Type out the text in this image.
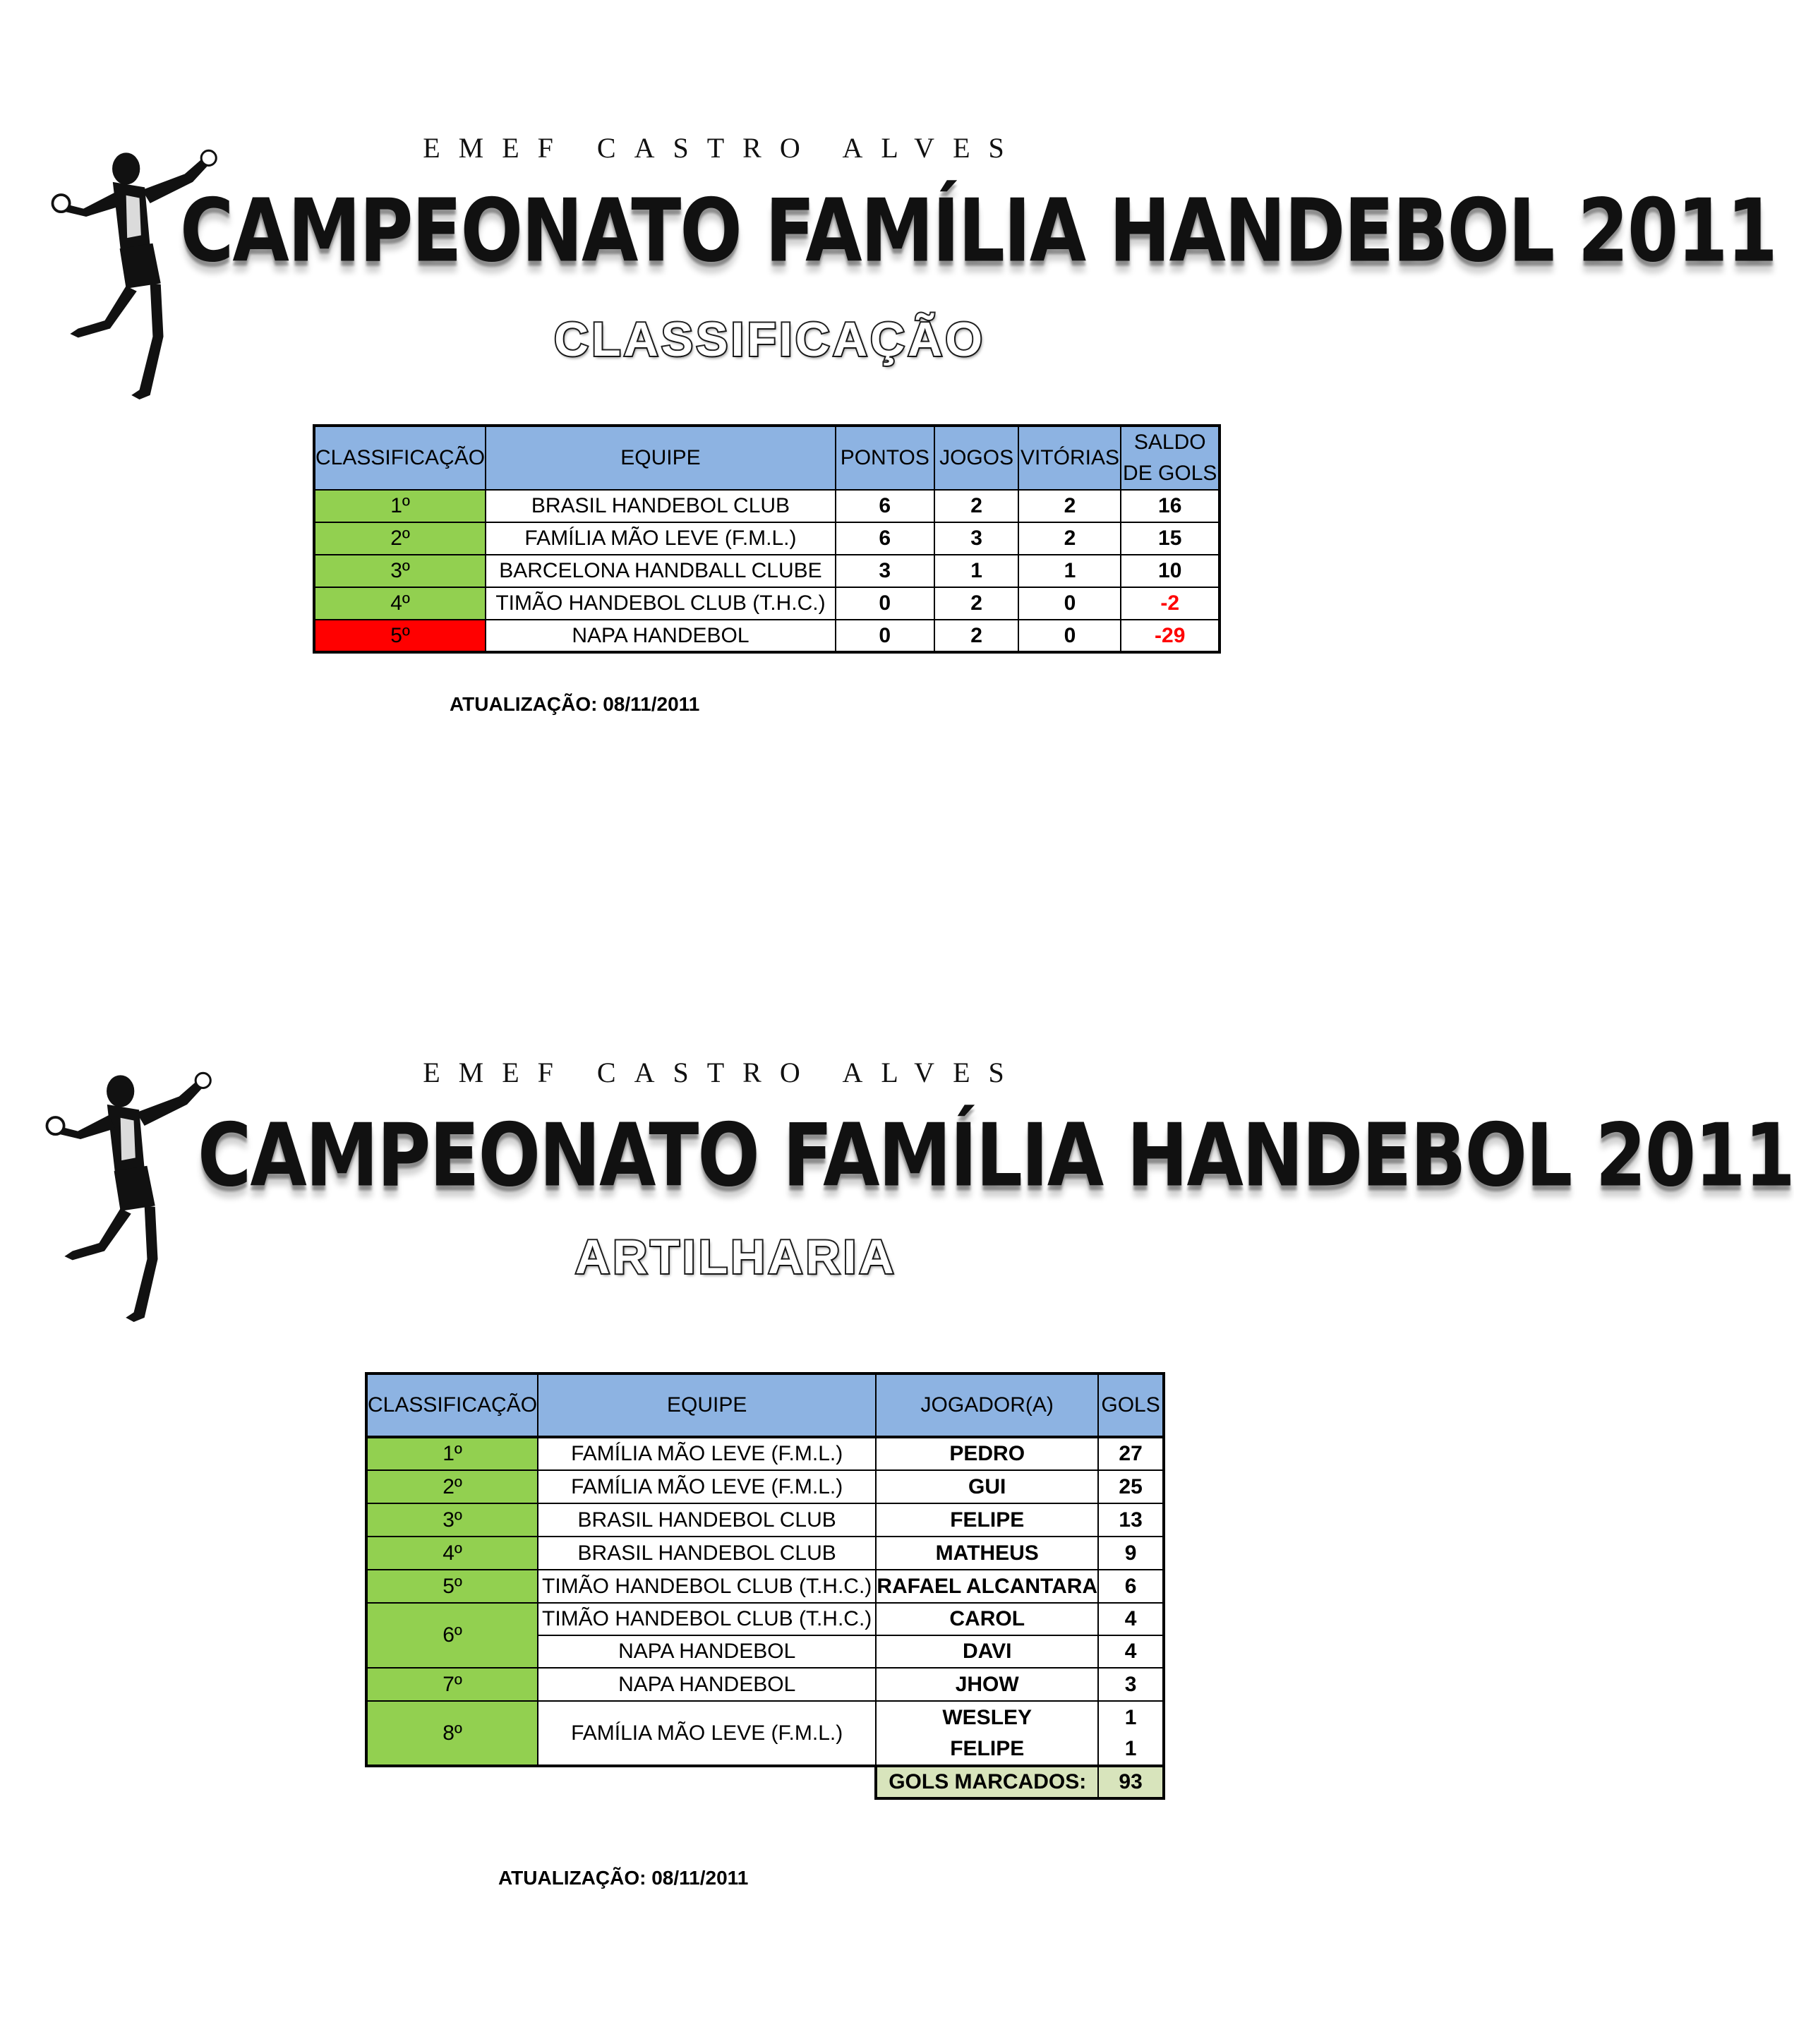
EMEF CASTRO ALVES
CAMPEONATO FAMÍLIA HANDEBOL 2011
CLASSIFICAÇÃO
CLASSIFICAÇÃO	EQUIPE	PONTOS	JOGOS	VITÓRIAS	SALDO
DE GOLS
1º	BRASIL HANDEBOL CLUB	6	2	2	16
2º	FAMÍLIA MÃO LEVE (F.M.L.)	6	3	2	15
3º	BARCELONA HANDBALL CLUBE	3	1	1	10
4º	TIMÃO HANDEBOL CLUB (T.H.C.)	0	2	0	-2
5º	NAPA HANDEBOL	0	2	0	-29
ATUALIZAÇÃO: 08/11/2011
EMEF CASTRO ALVES
CAMPEONATO FAMÍLIA HANDEBOL 2011
ARTILHARIA
CLASSIFICAÇÃO	EQUIPE	JOGADOR(A)	GOLS
1º	FAMÍLIA MÃO LEVE (F.M.L.)	PEDRO	27
2º	FAMÍLIA MÃO LEVE (F.M.L.)	GUI	25
3º	BRASIL HANDEBOL CLUB	FELIPE	13
4º	BRASIL HANDEBOL CLUB	MATHEUS	9
5º	TIMÃO HANDEBOL CLUB (T.H.C.)	RAFAEL ALCANTARA	6
6º	TIMÃO HANDEBOL CLUB (T.H.C.)	CAROL	4
	NAPA HANDEBOL	DAVI	4
7º	NAPA HANDEBOL	JHOW	3
8º	FAMÍLIA MÃO LEVE (F.M.L.)	WESLEY	1
		FELIPE	1
		GOLS MARCADOS:	93
ATUALIZAÇÃO: 08/11/2011
